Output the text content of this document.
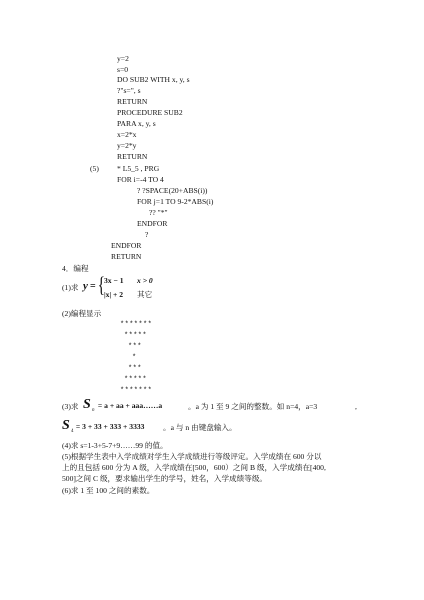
y=2
s=0
DO SUB2 WITH x, y, s
?"s=", s
RETURN
PROCEDURE SUB2
PARA x, y, s
x=2*x
y=2*y
RETURN
(5) * L5_5 , PRG
FOR i=-4 TO 4
? ?SPACE(20+ABS(i))
FOR j=1 TO 9-2*ABS(i)
?? "*"
ENDFOR
?
ENDFOR
RETURN
4．编程
(1)求 y = { 3x − 1 x > 0
|x| + 2 其它
(2)编程显示
*******
*****
***
*
***
*****
*******
(3)求 S n
= a + aa + aaa……a	。a 为 1 至 9 之间的整数。如 n=4，a=3	,
S 4
= 3 + 33 + 333 + 3333 。a 与 n 由键盘输入。
(4)求 s=1-3+5-7+9……99 的值。
(5)根据学生表中入学成绩对学生入学成绩进行等级评定。入学成绩在 600 分以
上的且包括 600 分为 A 级，入学成绩在[500，600）之间 B 级，入学成绩在[400,
500]之间 C 级，要求输出学生的学号，姓名，入学成绩等级。
(6)求 1 至 100 之间的素数。
